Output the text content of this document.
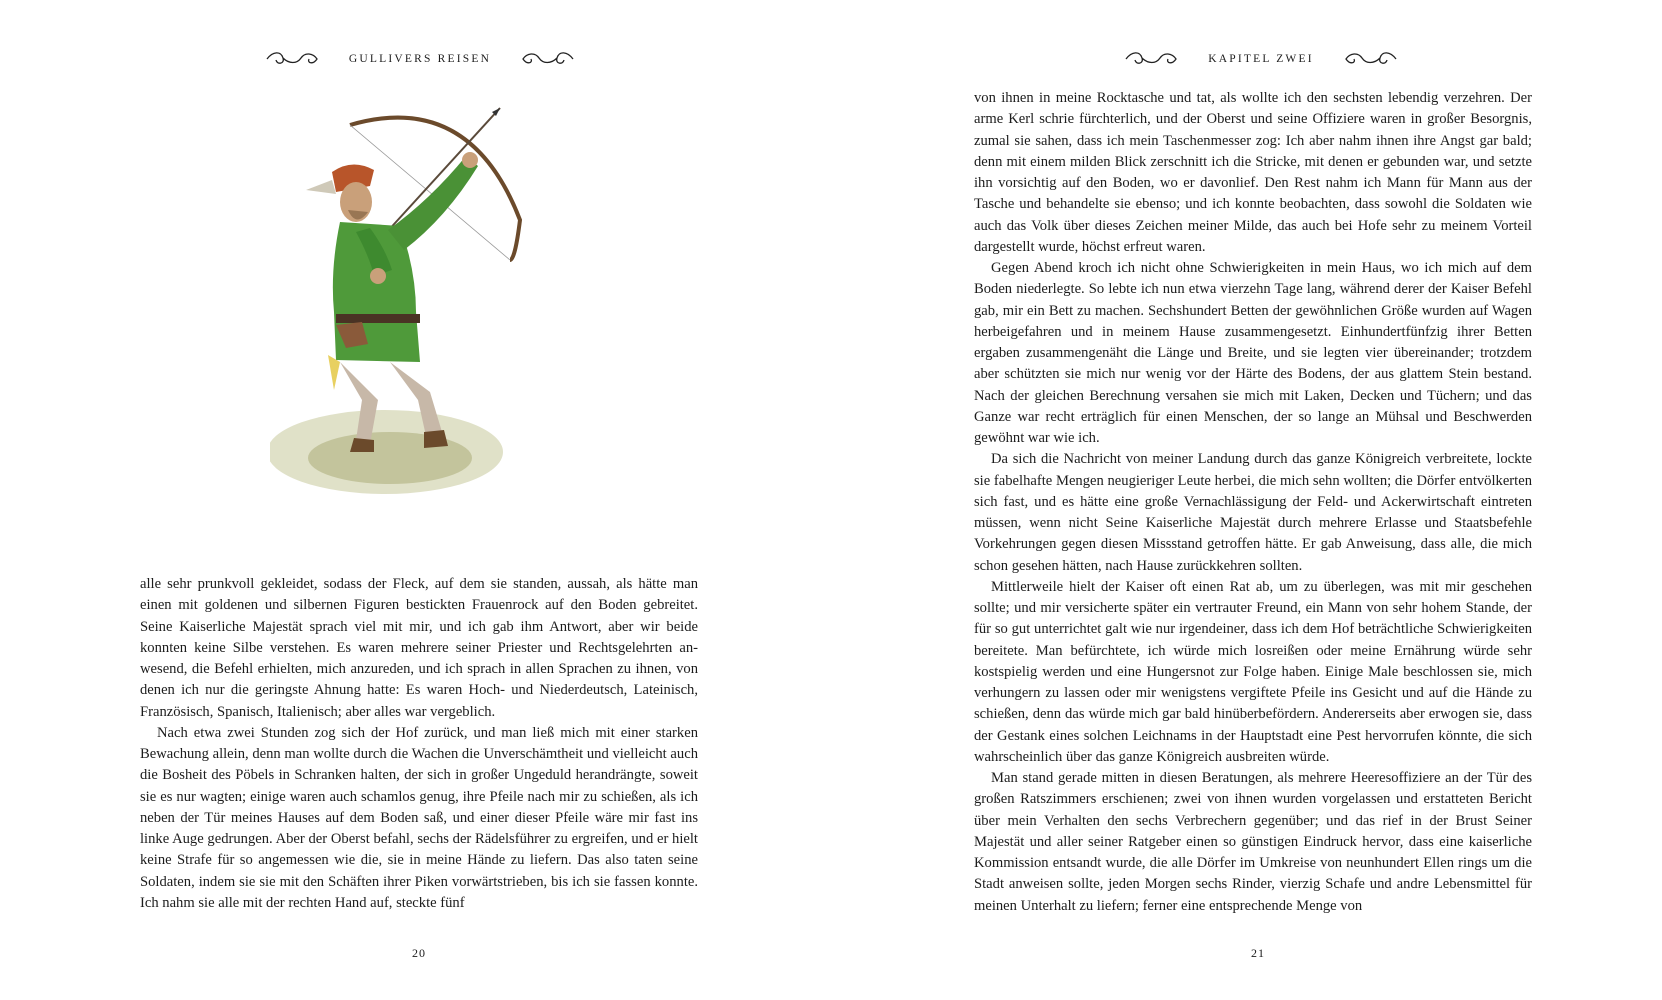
GULLIVERS REISEN

alle sehr prunkvoll gekleidet, sodass der Fleck, auf dem sie standen, aussah, als hätte man einen mit goldenen und silbernen Figuren bestickten Frauenrock auf den Boden gebreitet. Seine Kaiserliche Majestät sprach viel mit mir, und ich gab ihm Antwort, aber wir beide konnten keine Silbe verstehen. Es waren mehrere seiner Priester und Rechtsgelehrten anwesend, die Befehl erhielten, mich anzureden, und ich sprach in allen Sprachen zu ihnen, von denen ich nur die geringste Ahnung hatte: Es waren Hoch- und Niederdeutsch, Lateinisch, Französisch, Spanisch, Italienisch; aber alles war vergeblich.

Nach etwa zwei Stunden zog sich der Hof zurück, und man ließ mich mit einer starken Bewachung allein, denn man wollte durch die Wachen die Unverschämtheit und vielleicht auch die Bosheit des Pöbels in Schranken halten, der sich in großer Ungeduld herandrängte, soweit sie es nur wagten; einige waren auch schamlos genug, ihre Pfeile nach mir zu schießen, als ich neben der Tür meines Hauses auf dem Boden saß, und einer dieser Pfeile wäre mir fast ins linke Auge gedrungen. Aber der Oberst befahl, sechs der Rädelsführer zu ergreifen, und er hielt keine Strafe für so angemessen wie die, sie in meine Hände zu liefern. Das also taten seine Soldaten, indem sie sie mit den Schäften ihrer Piken vorwärtstrieben, bis ich sie fassen konnte. Ich nahm sie alle mit der rechten Hand auf, steckte fünf

20
KAPITEL ZWEI

von ihnen in meine Rocktasche und tat, als wollte ich den sechsten lebendig verzehren. Der arme Kerl schrie fürchterlich, und der Oberst und seine Offiziere waren in großer Besorgnis, zumal sie sahen, dass ich mein Taschenmesser zog: Ich aber nahm ihnen ihre Angst gar bald; denn mit einem milden Blick zerschnitt ich die Stricke, mit denen er gebunden war, und setzte ihn vorsichtig auf den Boden, wo er davonlief. Den Rest nahm ich Mann für Mann aus der Tasche und behandelte sie ebenso; und ich konnte beobachten, dass sowohl die Soldaten wie auch das Volk über dieses Zeichen meiner Milde, das auch bei Hofe sehr zu meinem Vorteil dargestellt wurde, höchst erfreut waren.

Gegen Abend kroch ich nicht ohne Schwierigkeiten in mein Haus, wo ich mich auf dem Boden niederlegte. So lebte ich nun etwa vierzehn Tage lang, während derer der Kaiser Befehl gab, mir ein Bett zu machen. Sechshundert Betten der gewöhnlichen Größe wurden auf Wagen herbeigefahren und in meinem Hause zusammengesetzt. Einhundertfünfzig ihrer Betten ergaben zusammengenäht die Länge und Breite, und sie legten vier übereinander; trotzdem aber schützten sie mich nur wenig vor der Härte des Bodens, der aus glattem Stein bestand. Nach der gleichen Berechnung versahen sie mich mit Laken, Decken und Tüchern; und das Ganze war recht erträglich für einen Menschen, der so lange an Mühsal und Beschwerden gewöhnt war wie ich.

Da sich die Nachricht von meiner Landung durch das ganze Königreich verbreitete, lockte sie fabelhafte Mengen neugieriger Leute herbei, die mich sehn wollten; die Dörfer entvölkerten sich fast, und es hätte eine große Vernachlässigung der Feld- und Ackerwirtschaft eintreten müssen, wenn nicht Seine Kaiserliche Majestät durch mehrere Erlasse und Staatsbefehle Vorkehrungen gegen diesen Missstand getroffen hätte. Er gab Anweisung, dass alle, die mich schon gesehen hätten, nach Hause zurückkehren sollten.

Mittlerweile hielt der Kaiser oft einen Rat ab, um zu überlegen, was mit mir geschehen sollte; und mir versicherte später ein vertrauter Freund, ein Mann von sehr hohem Stande, der für so gut unterrichtet galt wie nur irgendeiner, dass ich dem Hof beträchtliche Schwierigkeiten bereitete. Man befürchtete, ich würde mich losreißen oder meine Ernährung würde sehr kostspielig werden und eine Hungersnot zur Folge haben. Einige Male beschlossen sie, mich verhungern zu lassen oder mir wenigstens vergiftete Pfeile ins Gesicht und auf die Hände zu schießen, denn das würde mich gar bald hinüberbefördern. Andererseits aber erwogen sie, dass der Gestank eines solchen Leichnams in der Hauptstadt eine Pest hervorrufen könnte, die sich wahrscheinlich über das ganze Königreich ausbreiten würde.

Man stand gerade mitten in diesen Beratungen, als mehrere Heeresoffiziere an der Tür des großen Ratszimmers erschienen; zwei von ihnen wurden vorgelassen und erstatteten Bericht über mein Verhalten den sechs Verbrechern gegenüber; und das rief in der Brust Seiner Majestät und aller seiner Ratgeber einen so günstigen Eindruck hervor, dass eine kaiserliche Kommission entsandt wurde, die alle Dörfer im Umkreise von neunhundert Ellen rings um die Stadt anweisen sollte, jeden Morgen sechs Rinder, vierzig Schafe und andre Lebensmittel für meinen Unterhalt zu liefern; ferner eine entsprechende Menge von

21
